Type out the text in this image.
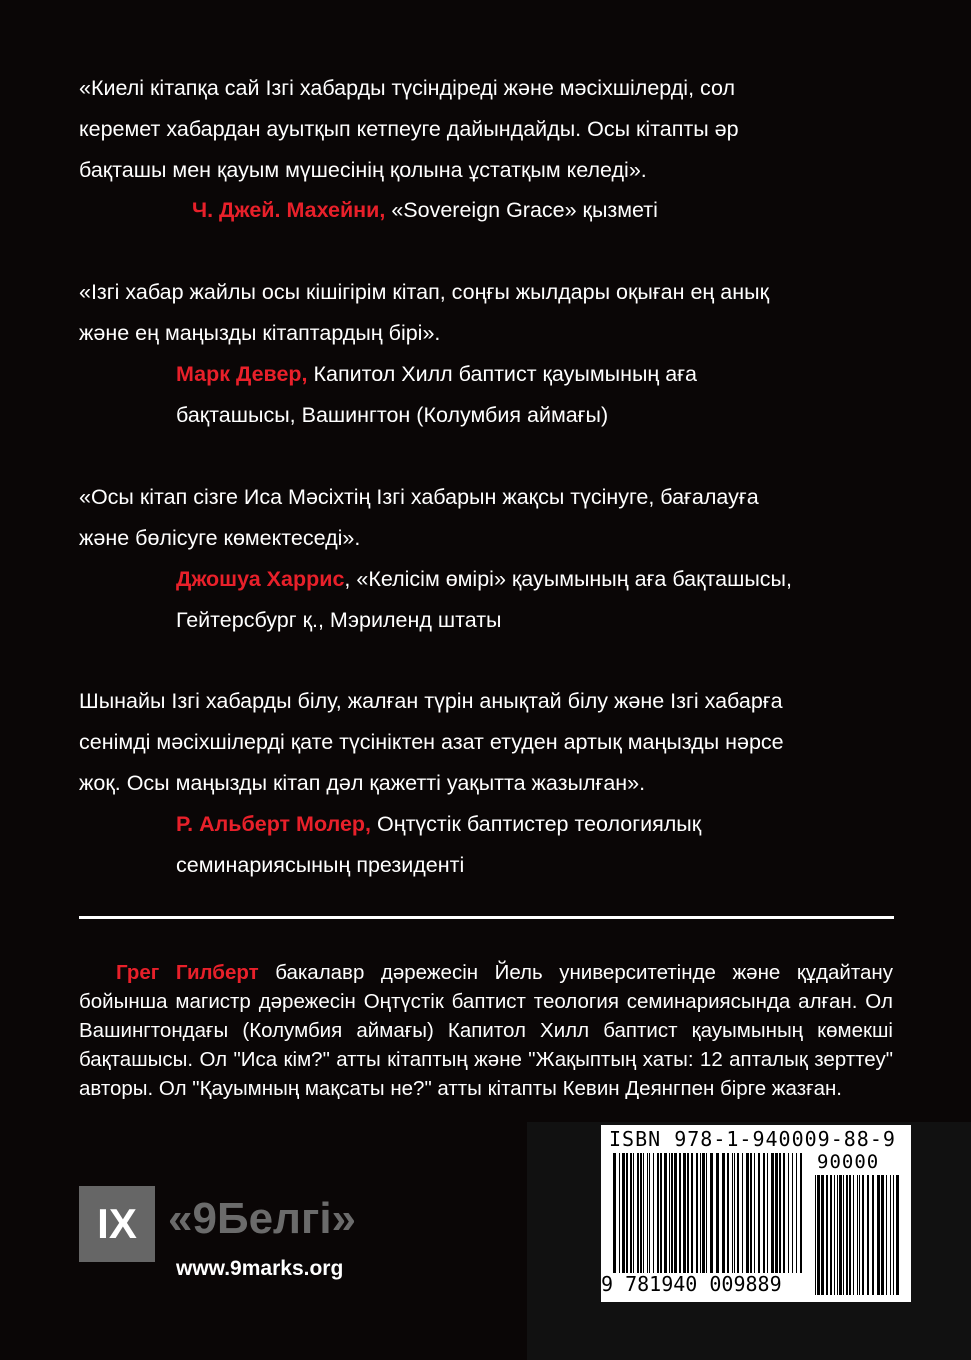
«Киелі кітапқа сай Ізгі хабарды түсіндіреді және мәсіхшілерді, сол
керемет хабардан ауытқып кетпеуге дайындайды. Осы кітапты әр
бақташы мен қауым мүшесінің қолына ұстатқым келеді».
Ч. Джей. Махейни, «Sovereign Grace» қызметі
«Ізгі хабар жайлы осы кішігірім кітап, соңғы жылдары оқыған ең анық
және ең маңызды кітаптардың бірі».
Марк Девер, Капитол Хилл баптист қауымының аға
бақташысы, Вашингтон (Колумбия аймағы)
«Осы кітап сізге Иса Мәсіхтің Ізгі хабарын жақсы түсінуге, бағалауға
және бөлісуге көмектеседі».
Джошуа Харрис, «Келісім өмірі» қауымының аға бақташысы,
Гейтерсбург қ., Мэриленд штаты
Шынайы Ізгі хабарды білу, жалған түрін анықтай білу және Ізгі хабарға
сенімді мәсіхшілерді қате түсініктен азат етуден артық маңызды нәрсе
жоқ. Осы маңызды кітап дәл қажетті уақытта жазылған».
Р. Альберт Молер, Оңтүстік баптистер теологиялық
семинариясының президенті
Грег Гилберт бакалавр дәрежесін Йель университетінде және құдайтану бойынша магистр дәрежесін Оңтүстік баптист теология семинариясында алған. Ол Вашингтондағы (Колумбия аймағы) Капитол Хилл баптист қауымының көмекші бақташысы. Ол "Иса кім?" атты кітаптың және "Жақыптың хаты: 12 апталық зерттеу" авторы. Ол "Қауымның мақсаты не?" атты кітапты Кевин Деянгпен бірге жазған.
ISBN 978-1-940009-88-9
90000
9 781940 009889
IX «9Белгі»
www.9marks.org
